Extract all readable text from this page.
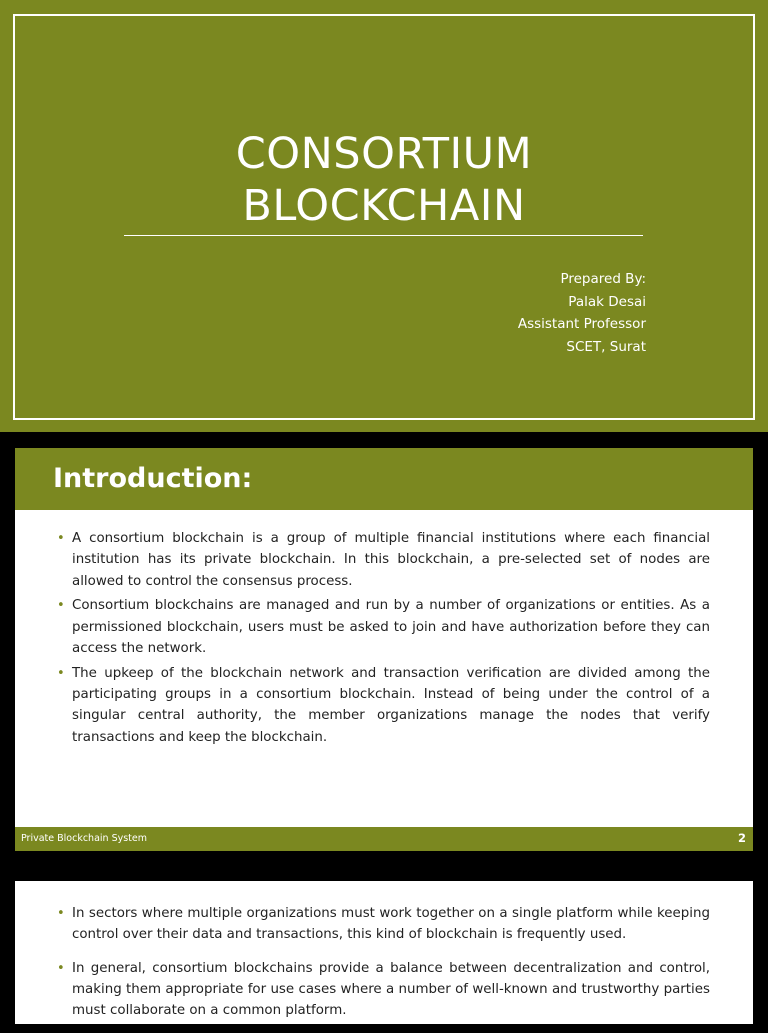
CONSORTIUM
BLOCKCHAIN
Prepared By:
Palak Desai
Assistant Professor
SCET, Surat
Introduction:
• A consortium blockchain is a group of multiple financial institutions where each financial institution has its private blockchain. In this blockchain, a pre-selected set of nodes are allowed to control the consensus process.
• Consortium blockchains are managed and run by a number of organizations or entities. As a permissioned blockchain, users must be asked to join and have authorization before they can access the network.
• The upkeep of the blockchain network and transaction verification are divided among the participating groups in a consortium blockchain. Instead of being under the control of a singular central authority, the member organizations manage the nodes that verify transactions and keep the blockchain.
Private Blockchain System	2
• In sectors where multiple organizations must work together on a single platform while keeping control over their data and transactions, this kind of blockchain is frequently used.
• In general, consortium blockchains provide a balance between decentralization and control, making them appropriate for use cases where a number of well-known and trustworthy parties must collaborate on a common platform.
